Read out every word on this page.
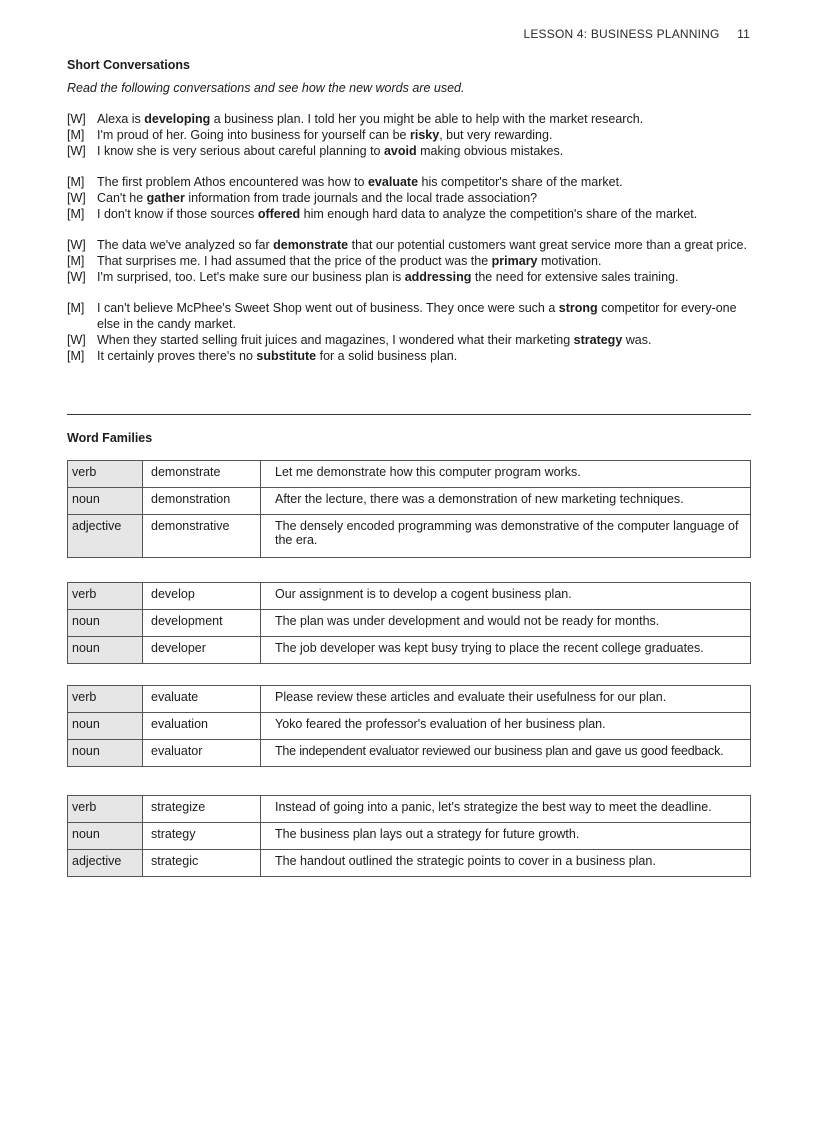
LESSON 4: BUSINESS PLANNING 11
Short Conversations
Read the following conversations and see how the new words are used.
[W] Alexa is developing a business plan. I told her you might be able to help with the market research.
[M]	I'm proud of her. Going into business for yourself can be risky, but very rewarding.
[W] I know she is very serious about careful planning to avoid making obvious mistakes.
[M]	The first problem Athos encountered was how to evaluate his competitor's share of the market.
[W] Can't he gather information from trade journals and the local trade association?
[M]	I don't know if those sources offered him enough hard data to analyze the competition's share of the market.
[W] The data we've analyzed so far demonstrate that our potential customers want great service more than a great price.
[M]	That surprises me. I had assumed that the price of the product was the primary motivation.
[W] I'm surprised, too. Let's make sure our business plan is addressing the need for extensive sales training.
[M]	I can't believe McPhee's Sweet Shop went out of business. They once were such a strong competitor for every-one else in the candy market.
[W] When they started selling fruit juices and magazines, I wondered what their marketing strategy was.
[M]	It certainly proves there's no substitute for a solid business plan.
Word Families
verb	demonstrate	Let me demonstrate how this computer program works.
noun	demonstration	After the lecture, there was a demonstration of new marketing techniques.
adjective	demonstrative	The densely encoded programming was demonstrative of the computer language of the era.
verb	develop	Our assignment is to develop a cogent business plan.
noun	development	The plan was under development and would not be ready for months.
noun	developer	The job developer was kept busy trying to place the recent college graduates.
verb	evaluate	Please review these articles and evaluate their usefulness for our plan.
noun	evaluation	Yoko feared the professor's evaluation of her business plan.
noun	evaluator	The independent evaluator reviewed our business plan and gave us good feedback.
verb	strategize	Instead of going into a panic, let's strategize the best way to meet the deadline.
noun	strategy	The business plan lays out a strategy for future growth.
adjective	strategic	The handout outlined the strategic points to cover in a business plan.
